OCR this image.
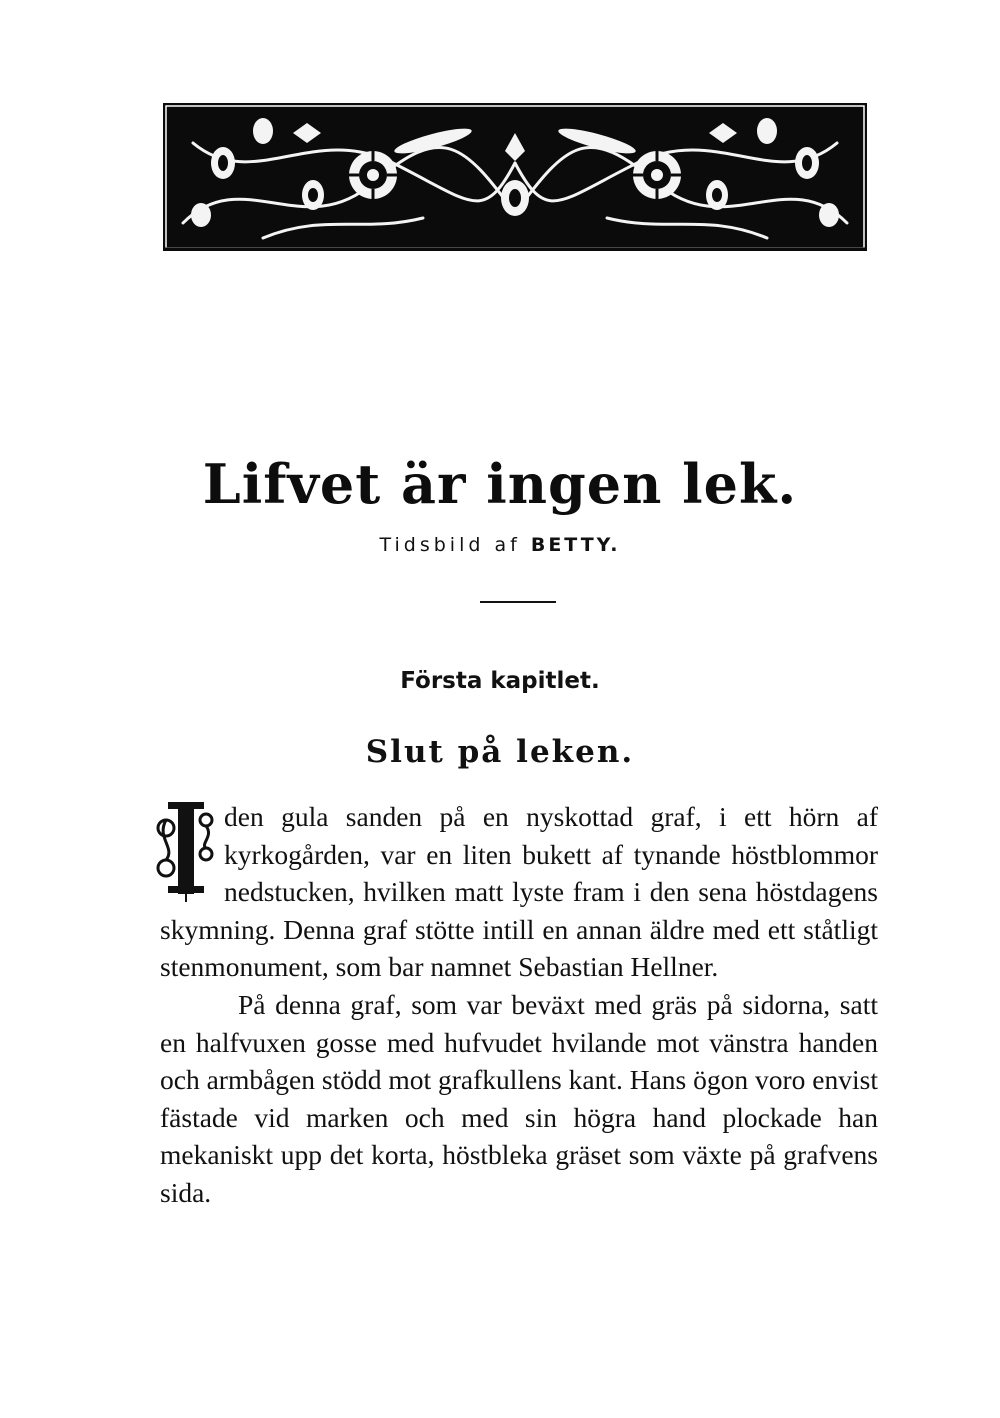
Lifvet är ingen lek.
Tidsbild af BETTY.
Första kapitlet.
Slut på leken.

den gula sanden på en nyskottad graf, i ett hörn af kyrkogården, var en liten bukett af tynande höstblommor nedstucken, hvilken matt lyste fram i den sena höstdagens skymning. Denna graf stötte intill en annan äldre med ett ståtligt stenmonument, som bar namnet Sebastian Hellner.

På denna graf, som var beväxt med gräs på sidorna, satt en halfvuxen gosse med hufvudet hvilande mot vänstra handen och armbågen stödd mot grafkullens kant. Hans ögon voro envist fästade vid marken och med sin högra hand plockade han mekaniskt upp det korta, höstbleka gräset som växte på grafvens sida.
